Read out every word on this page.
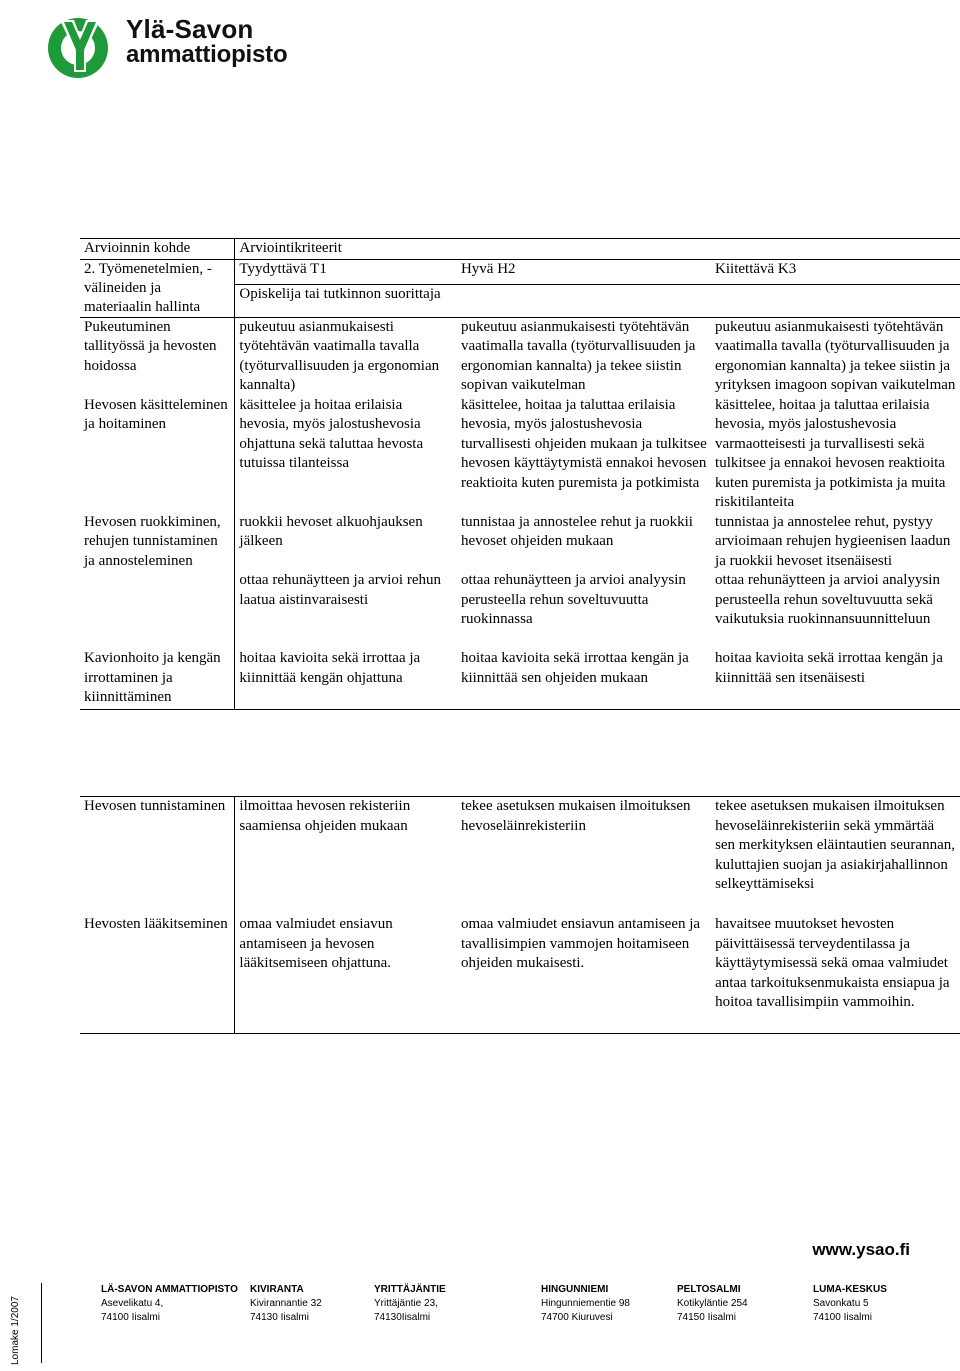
Ylä-Savon
ammattiopisto
Arvioinnin kohde	Arviointikriteerit		
2. Työmenetelmien, -välineiden ja materiaalin hallinta	Tyydyttävä T1	Hyvä H2	Kiitettävä K3
	Opiskelija tai tutkinnon suorittaja		
Pukeutuminen tallityössä ja hevosten hoidossa	pukeutuu asianmukaisesti työtehtävän vaatimalla tavalla (työturvallisuuden ja ergonomian kannalta)	pukeutuu asianmukaisesti työtehtävän vaatimalla tavalla (työturvallisuuden ja ergonomian kannalta) ja tekee siistin sopivan vaikutelman	pukeutuu asianmukaisesti työtehtävän vaatimalla tavalla (työturvallisuuden ja ergonomian kannalta) ja tekee siistin ja yrityksen imagoon sopivan vaikutelman
Hevosen käsitteleminen ja hoitaminen	käsittelee ja hoitaa erilaisia hevosia, myös jalostushevosia ohjattuna sekä taluttaa hevosta tutuissa tilanteissa	käsittelee, hoitaa ja taluttaa erilaisia hevosia, myös jalostushevosia turvallisesti ohjeiden mukaan ja tulkitsee hevosen käyttäytymistä ennakoi hevosen reaktioita kuten puremista ja potkimista	käsittelee, hoitaa ja taluttaa erilaisia hevosia, myös jalostushevosia varmaotteisesti ja turvallisesti sekä tulkitsee ja ennakoi hevosen reaktioita kuten puremista ja potkimista ja muita riskitilanteita
Hevosen ruokkiminen, rehujen tunnistaminen ja annosteleminen	ruokkii hevoset alkuohjauksen jälkeen	tunnistaa ja annostelee rehut ja ruokkii hevoset ohjeiden mukaan	tunnistaa ja annostelee rehut, pystyy arvioimaan rehujen hygieenisen laadun ja ruokkii hevoset itsenäisesti
	ottaa rehunäytteen ja arvioi rehun laatua aistinvaraisesti	ottaa rehunäytteen ja arvioi analyysin perusteella rehun soveltuvuutta ruokinnassa	ottaa rehunäytteen ja arvioi analyysin perusteella rehun soveltuvuutta sekä vaikutuksia ruokinnansuunnitteluun
Kavionhoito ja kengän irrottaminen ja kiinnittäminen	hoitaa kavioita sekä irrottaa ja kiinnittää kengän ohjattuna	hoitaa kavioita sekä irrottaa kengän ja kiinnittää sen ohjeiden mukaan	hoitaa kavioita sekä irrottaa kengän ja kiinnittää sen itsenäisesti
Hevosen tunnistaminen	ilmoittaa hevosen rekisteriin saamiensa ohjeiden mukaan	tekee asetuksen mukaisen ilmoituksen hevoseläinrekisteriin	tekee asetuksen mukaisen ilmoituksen hevoseläinrekisteriin sekä ymmärtää sen merkityksen eläintautien seurannan, kuluttajien suojan ja asiakirjahallinnon selkeyttämiseksi
Hevosten lääkitseminen	omaa valmiudet ensiavun antamiseen ja hevosen lääkitsemiseen ohjattuna.	omaa valmiudet ensiavun antamiseen ja tavallisimpien vammojen hoitamiseen ohjeiden mukaisesti.	havaitsee muutokset hevosten päivittäisessä terveydentilassa ja käyttäytymisessä sekä omaa valmiudet antaa tarkoituksenmukaista ensiapua ja hoitoa tavallisimpiin vammoihin.
www.ysao.fi
Lomake 1/2007
LÄ-SAVON AMMATTIOPISTO
Asevelikatu 4,
74100 Iisalmi
KIVIRANTA
Kivirannantie 32
74130 Iisalmi
YRITTÄJÄNTIE
Yrittäjäntie 23,
74130Iisalmi
HINGUNNIEMI
Hingunniementie 98
74700 Kiuruvesi
PELTOSALMI
Kotikyläntie 254
74150 Iisalmi
LUMA-KESKUS
Savonkatu 5
74100 Iisalmi
